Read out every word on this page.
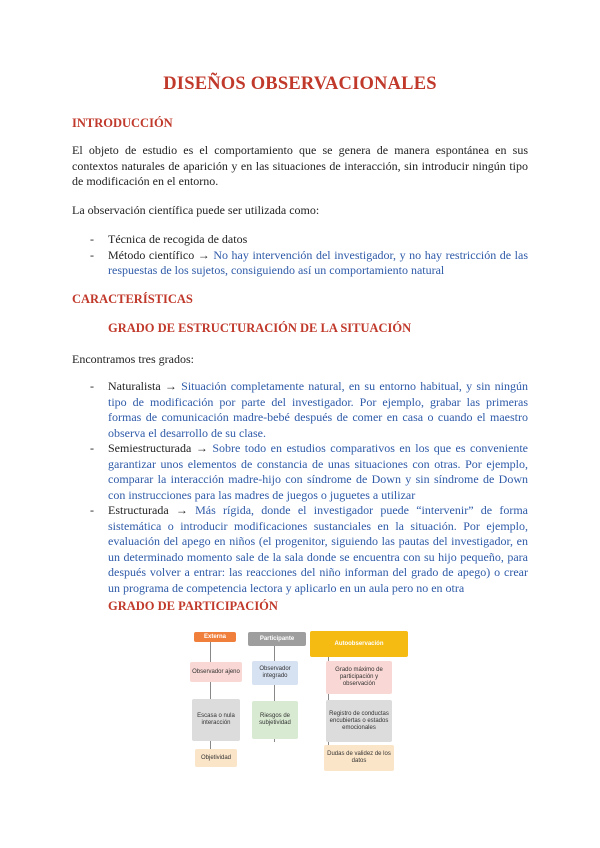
DISEÑOS OBSERVACIONALES
INTRODUCCIÓN
El objeto de estudio es el comportamiento que se genera de manera espontánea en sus contextos naturales de aparición y en las situaciones de interacción, sin introducir ningún tipo de modificación en el entorno.
La observación científica puede ser utilizada como:
- Técnica de recogida de datos
- Método científico → No hay intervención del investigador, y no hay restricción de las respuestas de los sujetos, consiguiendo así un comportamiento natural
CARACTERÍSTICAS
GRADO DE ESTRUCTURACIÓN DE LA SITUACIÓN
Encontramos tres grados:
- Naturalista → Situación completamente natural, en su entorno habitual, y sin ningún tipo de modificación por parte del investigador. Por ejemplo, grabar las primeras formas de comunicación madre-bebé después de comer en casa o cuando el maestro observa el desarrollo de su clase.
- Semiestructurada → Sobre todo en estudios comparativos en los que es conveniente garantizar unos elementos de constancia de unas situaciones con otras. Por ejemplo, comparar la interacción madre-hijo con síndrome de Down y sin síndrome de Down con instrucciones para las madres de juegos o juguetes a utilizar
- Estructurada → Más rígida, donde el investigador puede “intervenir” de forma sistemática o introducir modificaciones sustanciales en la situación. Por ejemplo, evaluación del apego en niños (el progenitor, siguiendo las pautas del investigador, en un determinado momento sale de la sala donde se encuentra con su hijo pequeño, para después volver a entrar: las reacciones del niño informan del grado de apego) o crear un programa de competencia lectora y aplicarlo en un aula pero no en otra
GRADO DE PARTICIPACIÓN
Externa
Observador ajeno
Escasa o nula interacción
Objetividad
Participante
Observador integrado
Riesgos de subjetividad
Autoobservación
Grado máximo de participación y observación
Registro de conductas encubiertas o estados emocionales
Dudas de validez de los datos
